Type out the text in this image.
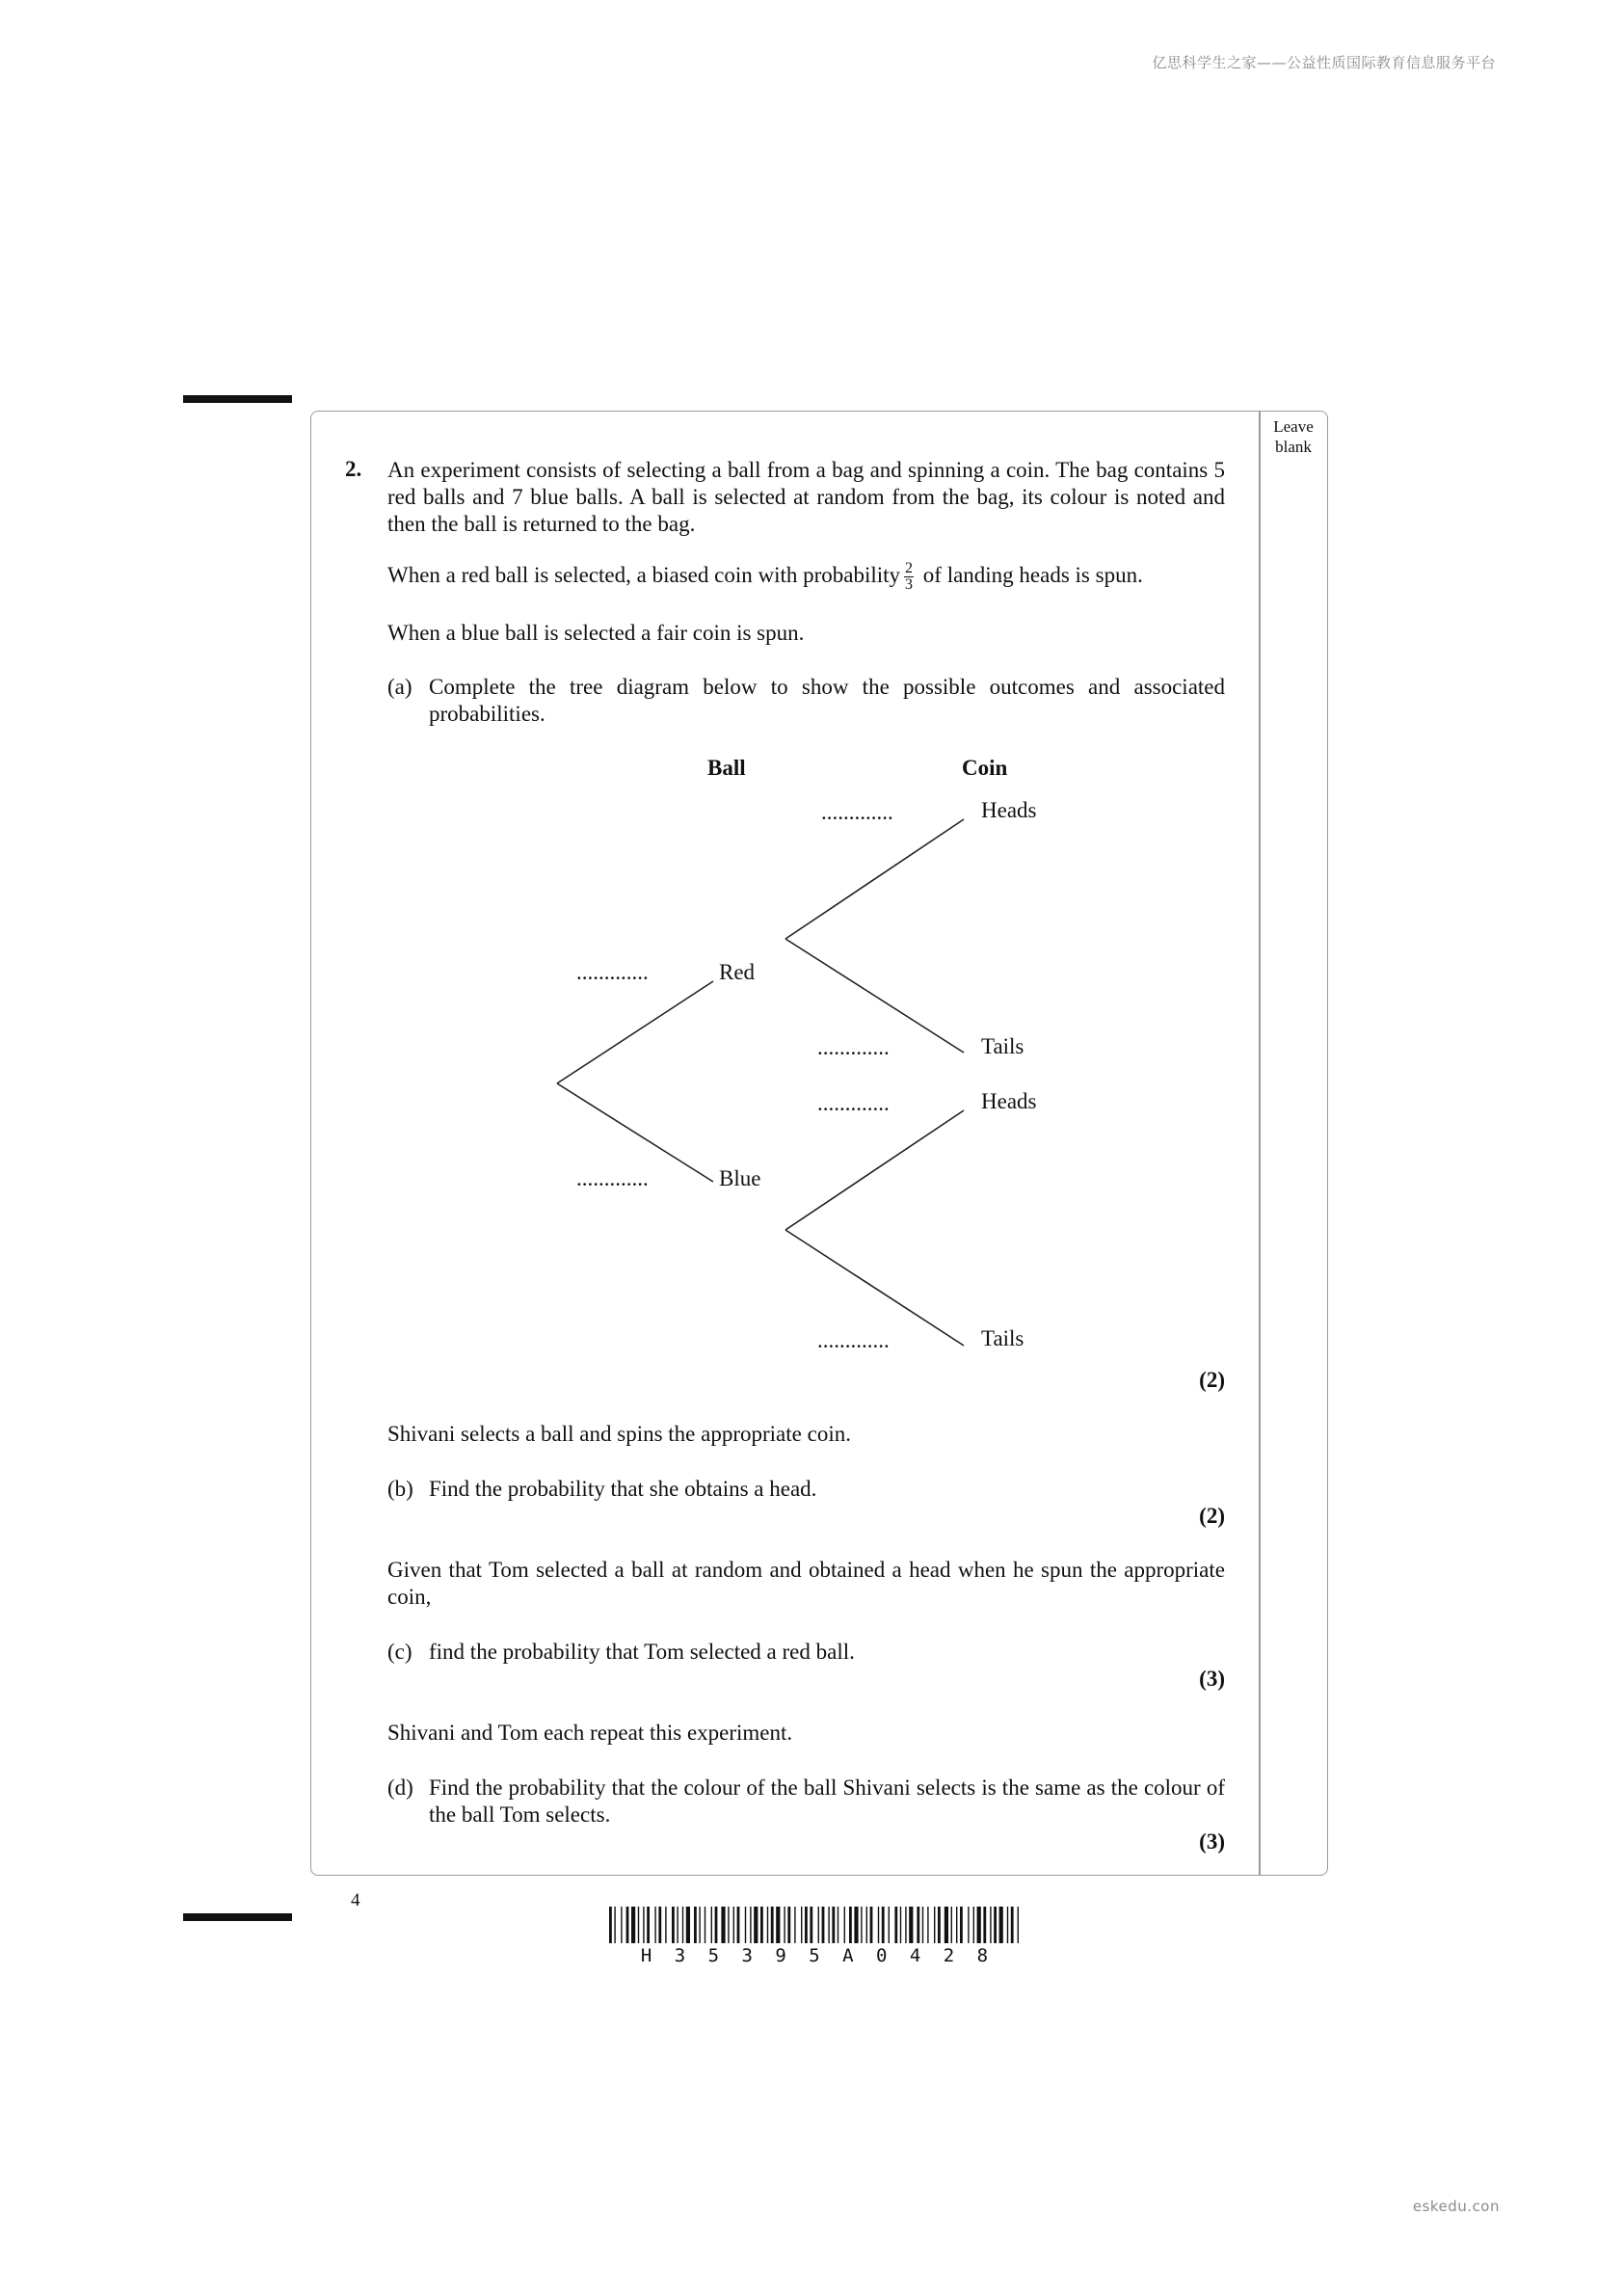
亿思科学生之家——公益性质国际教育信息服务平台
Leave
blank
2. An experiment consists of selecting a ball from a bag and spinning a coin. The bag contains 5 red balls and 7 blue balls. A ball is selected at random from the bag, its colour is noted and then the ball is returned to the bag.
When a red ball is selected, a biased coin with probability $\frac{2}{3}$ of landing heads is spun.
When a blue ball is selected a fair coin is spun.
(a) Complete the tree diagram below to show the possible outcomes and associated probabilities.
Ball	Coin
.............	Heads
.............	Red
.............	Tails
.............	Heads
.............	Blue
.............	Tails
(2)
Shivani selects a ball and spins the appropriate coin.
(b) Find the probability that she obtains a head.
(2)
Given that Tom selected a ball at random and obtained a head when he spun the appropriate coin,
(c) find the probability that Tom selected a red ball.
(3)
Shivani and Tom each repeat this experiment.
(d) Find the probability that the colour of the ball Shivani selects is the same as the colour of the ball Tom selects.
(3)
4
H 3 5 3 9 5 A 0 4 2 8
eskedu.con
